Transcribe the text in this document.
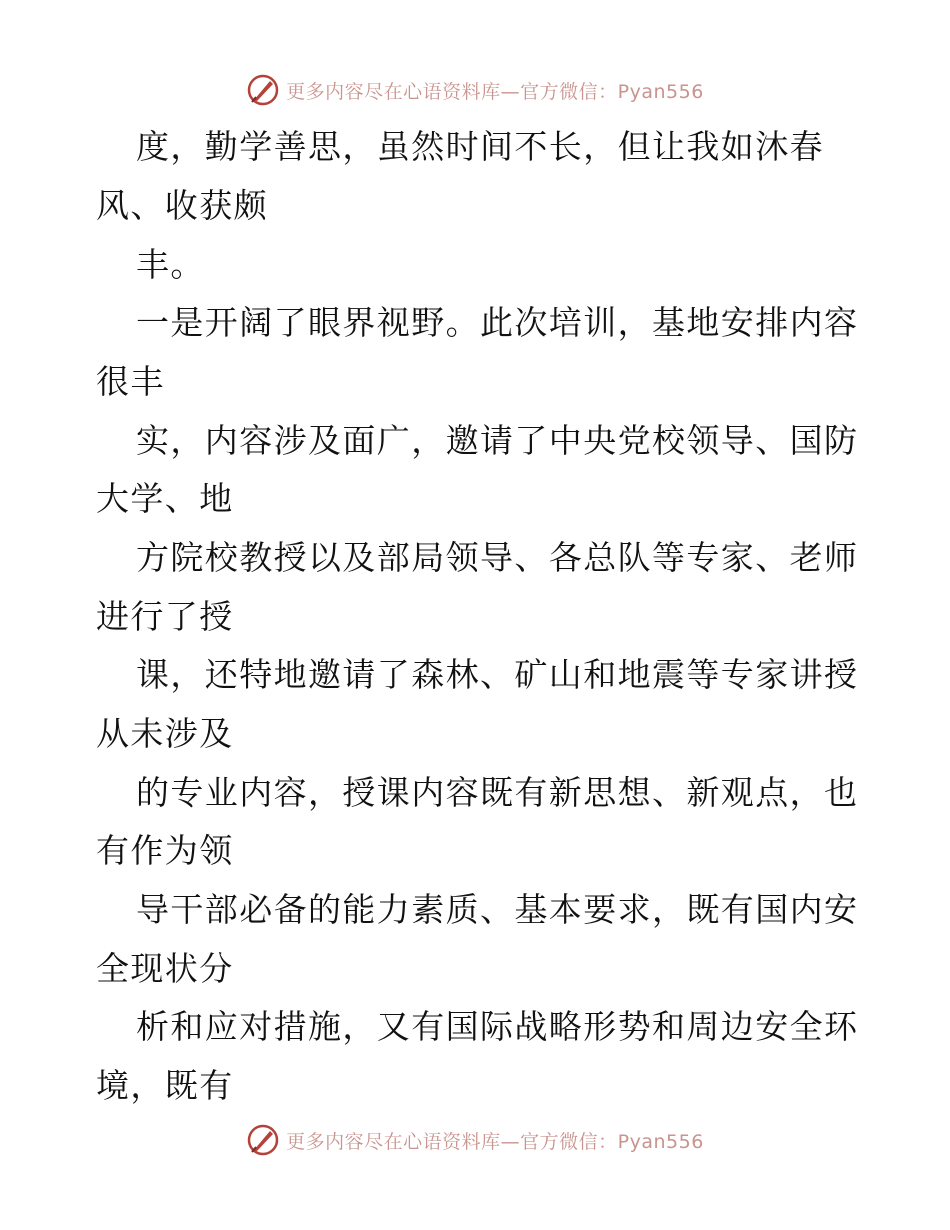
更多内容尽在心语资料库—官方微信：Pyan556
度，勤学善思，虽然时间不长，但让我如沐春
风、收获颇
丰。
一是开阔了眼界视野。此次培训，基地安排内容
很丰
实，内容涉及面广，邀请了中央党校领导、国防
大学、地
方院校教授以及部局领导、各总队等专家、老师
进行了授
课，还特地邀请了森林、矿山和地震等专家讲授
从未涉及
的专业内容，授课内容既有新思想、新观点，也
有作为领
导干部必备的能力素质、基本要求，既有国内安
全现状分
析和应对措施，又有国际战略形势和周边安全环
境，既有
更多内容尽在心语资料库—官方微信：Pyan556
